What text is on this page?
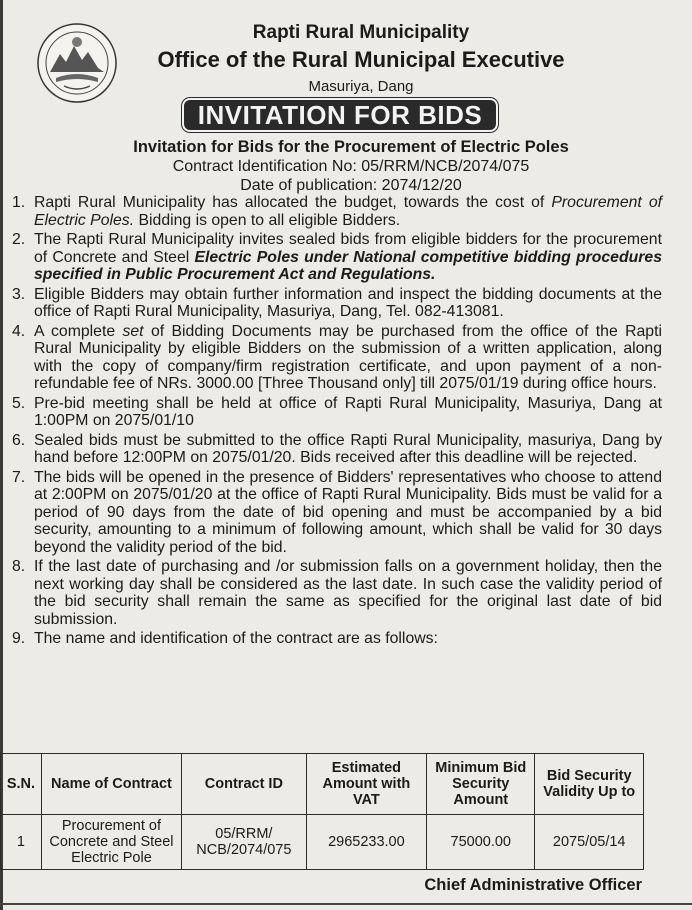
Rapti Rural Municipality
Office of the Rural Municipal Executive
Masuriya, Dang
INVITATION FOR BIDS
Invitation for Bids for the Procurement of Electric Poles
Contract Identification No: 05/RRM/NCB/2074/075
Date of publication: 2074/12/20
1. Rapti Rural Municipality has allocated the budget, towards the cost of Procurement of Electric Poles. Bidding is open to all eligible Bidders.
2. The Rapti Rural Municipality invites sealed bids from eligible bidders for the procurement of Concrete and Steel Electric Poles under National competitive bidding procedures specified in Public Procurement Act and Regulations.
3. Eligible Bidders may obtain further information and inspect the bidding documents at the office of Rapti Rural Municipality, Masuriya, Dang, Tel. 082-413081.
4. A complete set of Bidding Documents may be purchased from the office of the Rapti Rural Municipality by eligible Bidders on the submission of a written application, along with the copy of company/firm registration certificate, and upon payment of a non-refundable fee of NRs. 3000.00 [Three Thousand only] till 2075/01/19 during office hours.
5. Pre-bid meeting shall be held at office of Rapti Rural Municipality, Masuriya, Dang at 1:00PM on 2075/01/10
6. Sealed bids must be submitted to the office Rapti Rural Municipality, masuriya, Dang by hand before 12:00PM on 2075/01/20. Bids received after this deadline will be rejected.
7. The bids will be opened in the presence of Bidders' representatives who choose to attend at 2:00PM on 2075/01/20 at the office of Rapti Rural Municipality. Bids must be valid for a period of 90 days from the date of bid opening and must be accompanied by a bid security, amounting to a minimum of following amount, which shall be valid for 30 days beyond the validity period of the bid.
8. If the last date of purchasing and /or submission falls on a government holiday, then the next working day shall be considered as the last date. In such case the validity period of the bid security shall remain the same as specified for the original last date of bid submission.
9. The name and identification of the contract are as follows:
S.N.	Name of Contract	Contract ID	Estimated Amount with VAT	Minimum Bid Security Amount	Bid Security Validity Up to
1	Procurement of Concrete and Steel Electric Pole	05/RRM/ NCB/2074/075	2965233.00	75000.00	2075/05/14
Chief Administrative Officer
